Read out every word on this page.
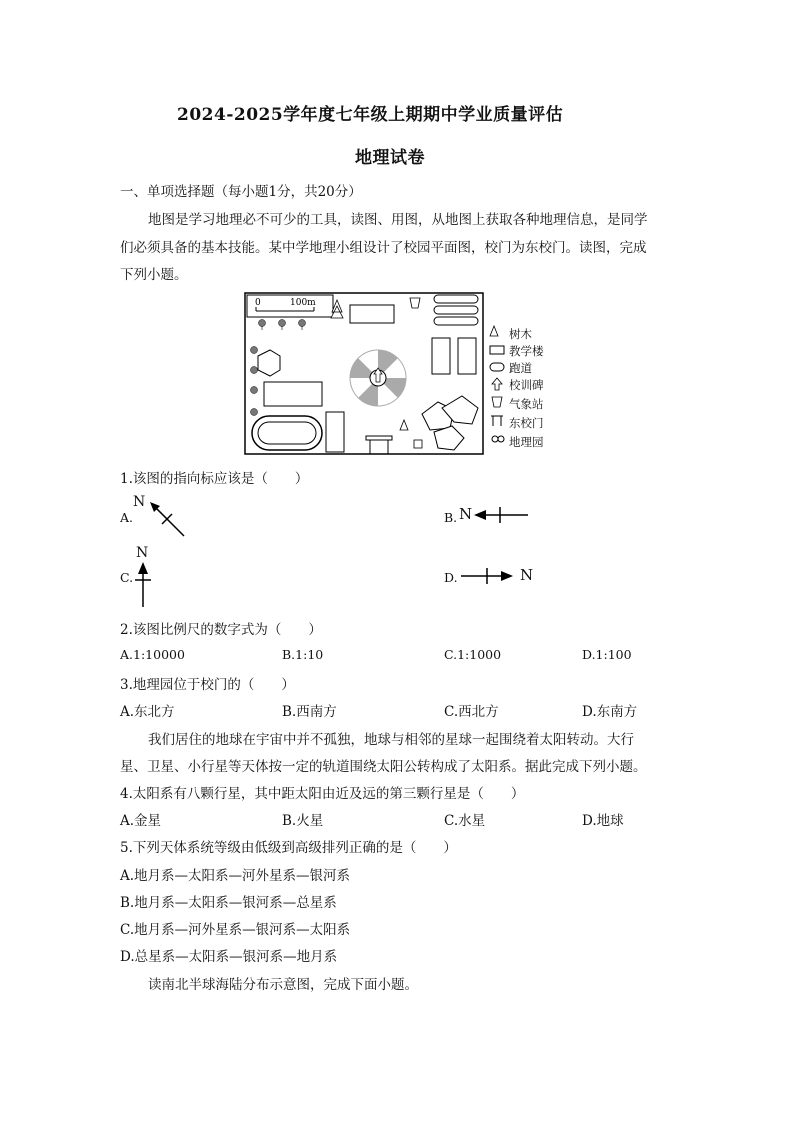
2024-2025学年度七年级上期期中学业质量评估
地理试卷
一、单项选择题（每小题1分，共20分）
地图是学习地理必不可少的工具，读图、用图，从地图上获取各种地理信息，是同学
们必须具备的基本技能。某中学地理小组设计了校园平面图，校门为东校门。读图，完成
下列小题。
0	100m
树木
教学楼
跑道
校训碑
气象站
东校门
地理园
1.该图的指向标应该是（　　）
A.
N
B. N
N
C.	D.	N
2.该图比例尺的数字式为（　　）
A.1:10000	B.1:10	C.1:1000	D.1:100
3.地理园位于校门的（　　）
A.东北方	B.西南方	C.西北方	D.东南方
我们居住的地球在宇宙中并不孤独，地球与相邻的星球一起围绕着太阳转动。大行
星、卫星、小行星等天体按一定的轨道围绕太阳公转构成了太阳系。据此完成下列小题。
4.太阳系有八颗行星，其中距太阳由近及远的第三颗行星是（　　）
A.金星	B.火星	C.水星	D.地球
5.下列天体系统等级由低级到高级排列正确的是（　　）
A.地月系—太阳系—河外星系—银河系
B.地月系—太阳系—银河系—总星系
C.地月系—河外星系—银河系—太阳系
D.总星系—太阳系—银河系—地月系
读南北半球海陆分布示意图，完成下面小题。
